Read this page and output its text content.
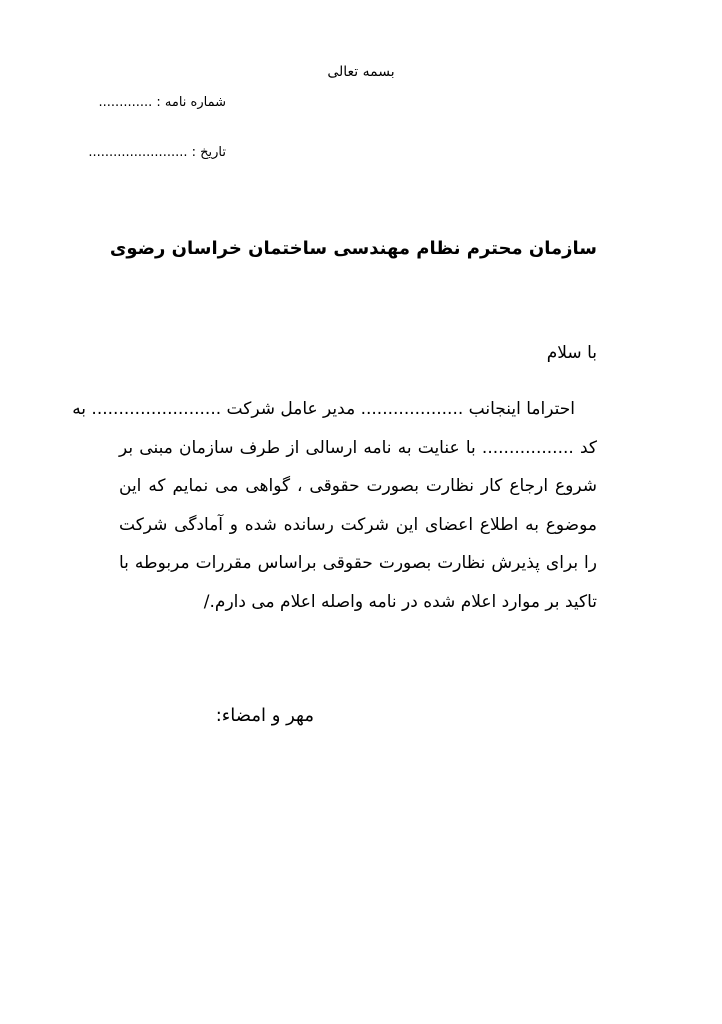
بسمه تعالی
شماره نامه : .............
تاریخ : ........................
سازمان محترم نظام مهندسی ساختمان خراسان رضوی
با سلام
احتراما اینجانب ................... مدیر عامل شرکت ........................ به
کد ................. با عنایت به نامه ارسالی از طرف سازمان مبنی بر
شروع ارجاع کار نظارت بصورت حقوقی ، گواهی می نمایم که این
موضوع به اطلاع اعضای این شرکت رسانده شده و آمادگی شرکت
را برای پذیرش نظارت بصورت حقوقی براساس مقررات مربوطه با
تاکید بر موارد اعلام شده در نامه واصله اعلام می دارم./
مهر و امضاء:
